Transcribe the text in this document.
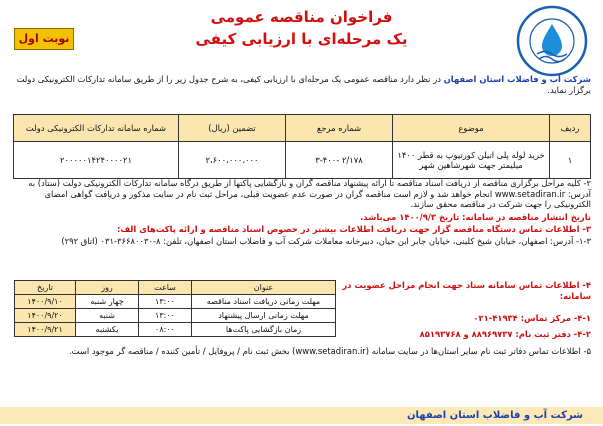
نوبت اول
فراخوان مناقصه عمومی
یک مرحله‌ای با ارزیابی کیفی
شرکت آب و فاضلاب استان اصفهان در نظر دارد مناقصه عمومی یک مرحله‌ای با ارزیابی کیفی، به شرح جدول زیر را از طریق سامانه تدارکات الکترونیکی دولت برگزار نماید.
ردیف	موضوع	شماره مرجع	تضمین (ریال)	شماره سامانه تدارکات الکترونیکی دولت
۱	خرید لوله پلی اتیلن کورتیوپ به قطر ۱۴۰۰ میلیمتر جهت شهرشاهین شهر	۲/۱۷۸ -۳-۴۰۰	۲،۶۰۰،۰۰۰،۰۰۰	۲۰۰۰۰۰۱۴۲۴۰۰۰۰۲۱
۲- کلیه مراحل برگزاری مناقصه از دریافت اسناد مناقصه تا ارائه پیشنهاد مناقصه گران و بازگشایی پاکتها از طریق درگاه سامانه تدارکات الکترونیکی دولت (ستاد) به آدرس: www.setadiran.ir انجام خواهد شد و لازم است مناقصه گران در صورت عدم عضویت قبلی، مراحل ثبت نام در سایت مذکور و دریافت گواهی امضای الکترونیکی را جهت شرکت در مناقصه محقق سازند.
تاریخ انتشار مناقصه در سامانه: تاریخ ۱۴۰۰/۹/۳ می‌باشد.
۳- اطلاعات تماس دستگاه مناقصه گزار جهت دریافت اطلاعات بیشتر در خصوص اسناد مناقصه و ارائه پاکت‌های الف:
۱-۳- آدرس: اصفهان، خیابان شیخ کلینی، خیابان جابر ابن حیان، دبیرخانه معاملات شرکت آب و فاضلاب استان اصفهان، تلفن: ۸-۳۶۶۸۰۰۳۰-۰۳۱ (اتاق ۲۹۲)
عنوان	ساعت	روز	تاریخ
مهلت زمانی دریافت اسناد مناقصه	۱۳:۰۰	چهار شنبه	۱۴۰۰/۹/۱۰
مهلت زمانی ارسال پیشنهاد	۱۳:۰۰	شنبه	۱۴۰۰/۹/۲۰
زمان بازگشایی پاکت‌ها	۰۸:۰۰	یکشنبه	۱۴۰۰/۹/۲۱
۴- اطلاعات تماس سامانه ستاد جهت انجام مراحل عضویت در سامانه:
۴-۱- مرکز تماس: ۴۱۹۳۴-۰۲۱
۴-۲- دفتر ثبت نام: ۸۸۹۶۹۷۳۷ و ۸۵۱۹۳۷۶۸
۵- اطلاعات تماس دفاتر ثبت نام سایر استان‌ها در سایت سامانه (www.setadiran.ir) بخش ثبت نام / پروفایل / تأمین کننده / مناقصه گر موجود است.
شرکت آب و فاضلاب استان اصفهان
